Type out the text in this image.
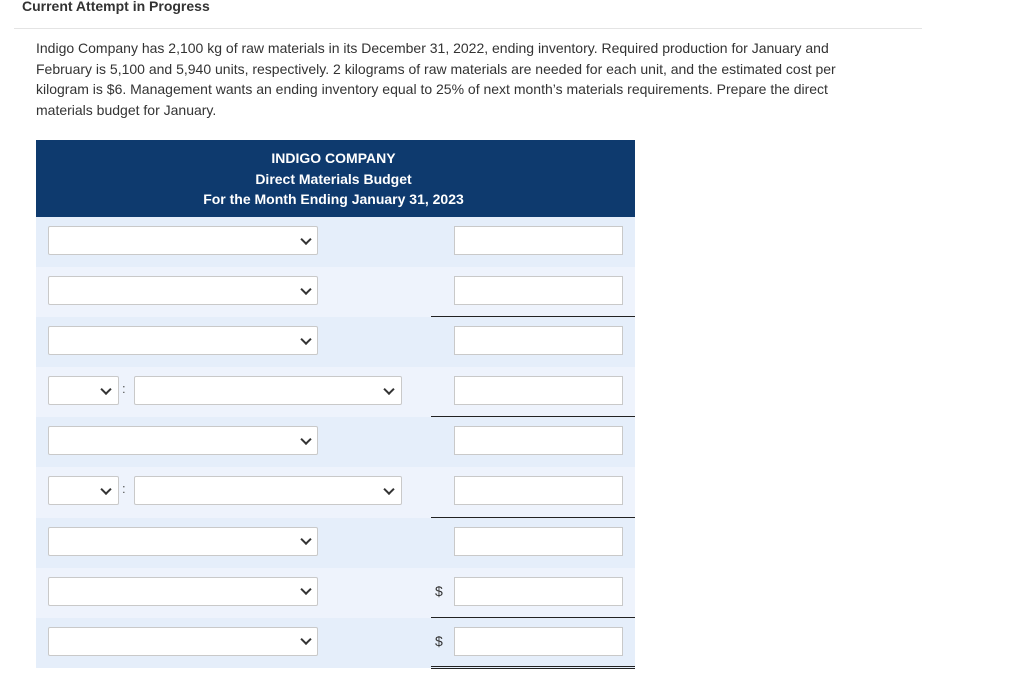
Current Attempt in Progress
Indigo Company has 2,100 kg of raw materials in its December 31, 2022, ending inventory. Required production for January and February is 5,100 and 5,940 units, respectively. 2 kilograms of raw materials are needed for each unit, and the estimated cost per kilogram is $6. Management wants an ending inventory equal to 25% of next month’s materials requirements. Prepare the direct materials budget for January.
INDIGO COMPANY
Direct Materials Budget
For the Month Ending January 31, 2023
:
:
$
$
